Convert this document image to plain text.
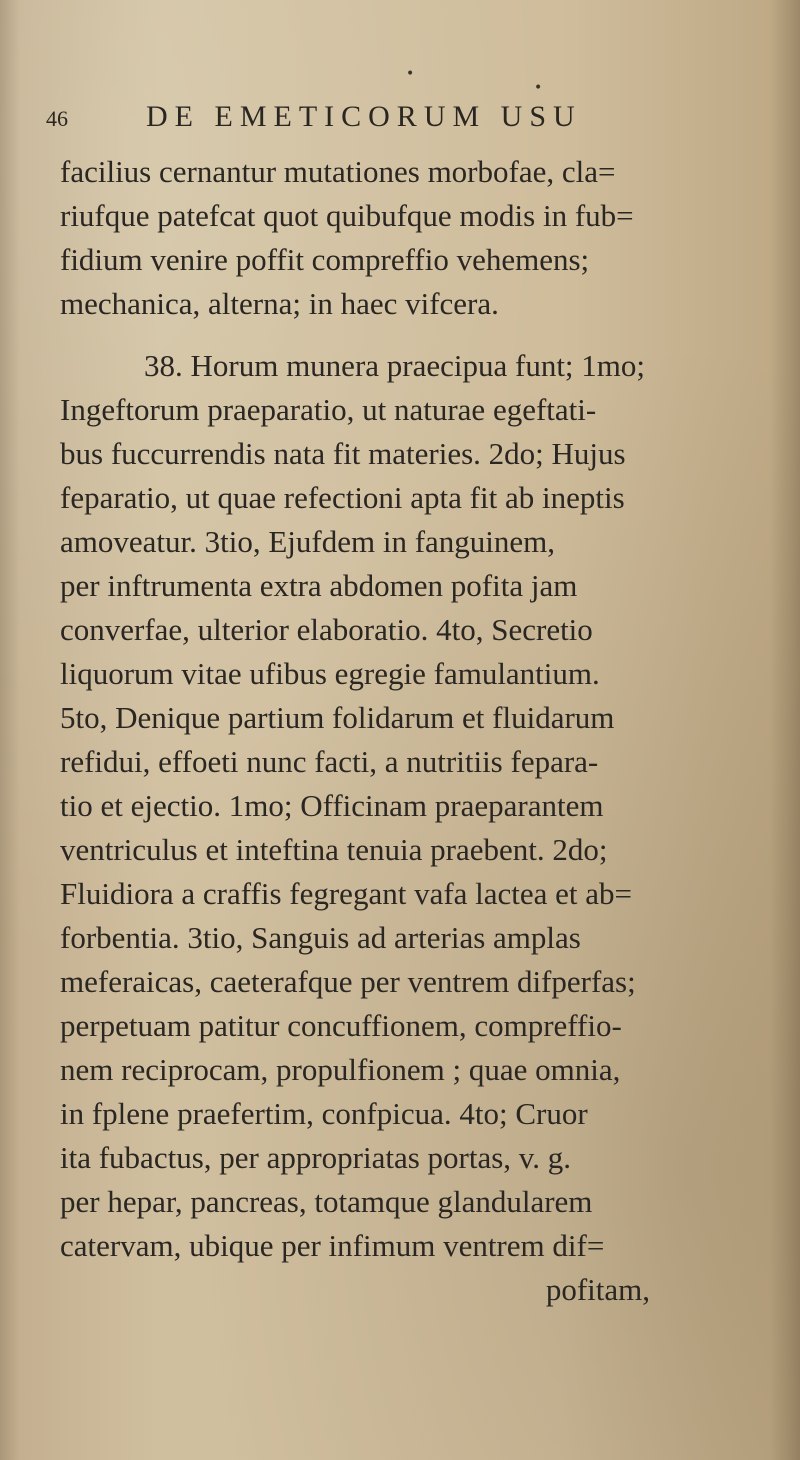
•
•
46	DE EMETICORUM USU
facilius cernantur mutationes morbofae, cla=
riufque patefcat quot quibufque modis in fub=
fidium venire poffit compreffio vehemens;
mechanica, alterna; in haec vifcera.
38. Horum munera praecipua funt; 1mo;
Ingeftorum praeparatio, ut naturae egeftati-
bus fuccurrendis nata fit materies. 2do; Hujus
feparatio, ut quae refectioni apta fit ab ineptis
amoveatur. 3tio, Ejufdem in fanguinem,
per inftrumenta extra abdomen pofita jam
converfae, ulterior elaboratio. 4to, Secretio
liquorum vitae ufibus egregie famulantium.
5to, Denique partium folidarum et fluidarum
refidui, effoeti nunc facti, a nutritiis fepara-
tio et ejectio. 1mo; Officinam praeparantem
ventriculus et inteftina tenuia praebent. 2do;
Fluidiora a craffis fegregant vafa lactea et ab=
forbentia. 3tio, Sanguis ad arterias amplas
meferaicas, caeterafque per ventrem difperfas;
perpetuam patitur concuffionem, compreffio-
nem reciprocam, propulfionem ; quae omnia,
in fplene praefertim, confpicua. 4to; Cruor
ita fubactus, per appropriatas portas, v. g.
per hepar, pancreas, totamque glandularem
catervam, ubique per infimum ventrem dif=
pofitam,
